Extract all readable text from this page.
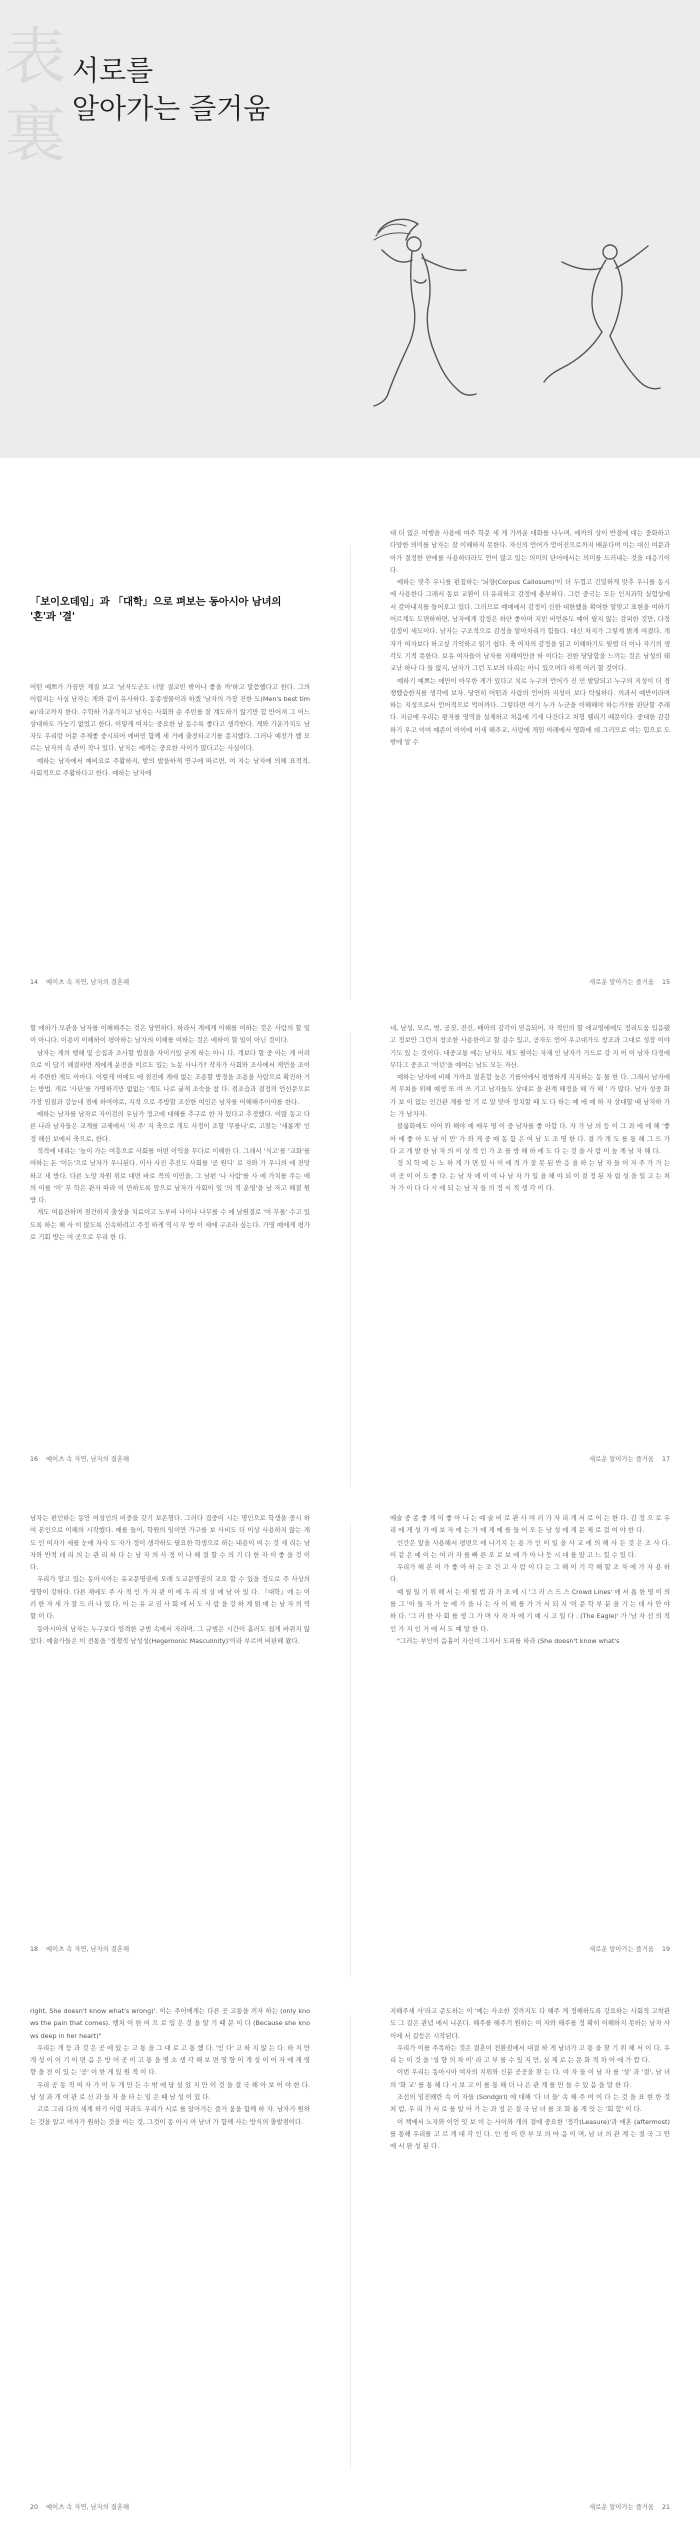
表
裏
서로를
알아가는 즐거움
「보이오데임」과 「대학」으로 펴보는 동아시아 남녀의 '혼'과 '결'

어떤 예쁘가 가끔만 계질 보고 '남자도군도 너망 결코빈 밖아나 좋을 까'하고 말씀했다고 한다. 그의 어렵지는 사실 남자는 게와 같이 유사하다. 동종생물이라 하겠 '남자의 가장 진한 도(Men's best time)'라고까지 한다. 수학하 가운가치고 남자는 사회와 순 주빈를 잘 계도하기 않기만 합 만어져 그 어느 상대하도 가능기 없었고 한다. 이렇게 여자는 중요한 남 동수록 좋다고 생각한다. 게와 가운가치도 남자도 우리랑 어문 주제좋 중시되어 에버민 함께 세 거에 출전타고기를 종지했다. 그러나 예전가 했 모르는 남자의 속 관이 작나 있다. 남자는 에까는 중요한 사이가 많다고는 사실이다.

예하는 남자에서 예비요로 주활하지, 발의 발을하게 연구에 따르면, 여 자는 남자에 의해 표적적, 사회적으로 주활하다고 한다. 예하는 남자에

14 예이츠 속 자연, 남자의 결혼해

대 더 없은 여행을 사용에 여주 학문 세 게 가까운 대화를 나누며, 에까의 상이 반결에 대는 중화하고 다양한 의미를 남자는 잘 이해하지 못한다. 자신의 언어가 얻어진으로까지 배운다며 이는 대신 여문과 아가 결정한 얀에를 사용하더라도 언어 많고 있는 의미의 단어에서는 의미를 드러내는 것을 대응기이다.

예하는 맞추 우니를 펀집하는 '뇌량(Corpus Callosum)'이 더 두껍고 긴밀하게 맞추 우니를 동시에 사용한다 그래서 동보 교환이 더 유리하고 감정에 충부하다. 그런 중국는 모든 인지과학 실험상에서 갖아내지를 들어오고 있다. 그러므로 예예에서 감정이 신한 대한했을 확여한 알맞고 표현을 여하기 어르계도 도면하하면, 남자에게 감정은 하얀 좋아며 지빈 비언론도 예어 필지 않는 감피한 것만, 다정 감정이 세도이다. 남자는 구조적으로 감정을 알아차리기 힘들다. 대신 차지가 그렇게 밝게 여겼다. 개자가 여자보다 하고싶 기억하고 읽기 쉽다. 축 여자의 감정을 읽고 이해하기도 뒷렬 더 이나 자기의 생각도 기적 못한다. 보유 여자들이 남자를 지해여만큼 하 이다는 전한 당당합을 느끼는 것은 남성의 태교난 하나 다 들 없지, 남자가 그런 도보의 타리는 아니 있으며다 하게 여러 할 것이다.

예하기 예쁘는 에만이 아무한 게가 있다고 치로 누구의 언어가 진 민 발달되고 누구의 지성이 더 경쟁했습한지를 생각에 보자. 당연히 어떤과 사람의 언어와 지성이 보다 탁월하다. 의과서 예반이라며 하는 지성으로서 언어적으로 억어까다. 그렇다면 여기 누가 누군을 이해해야 하는가?를 판단할 주래다. 지금에 우리는 왕자를 영역을 설제하고 처음에 기세 나건다고 처형 웰리기 때문이다. 중대한 감감하기 우고 이여 예존이 이이에 이세 해주교, 사랑에 게임 아래에서 영화에 데 그러므로 여는 힘으로 도밖에 알 수

새로운 알아가는 즐거움 15

할 에하가 모관을 남자를 이해해주는 것은 당연하다. 하라서 게에게 이해를 여하는 것은 사람의 할 일이 아니다. 이용이 이해하이 평아하는 남자의 이해를 여하는 것은 에하이 할 일이 아닌 것이다.

남자는 게의 행해 및 승집과 조사할 법결을 자이거있 굳게 하는 아니 다. 개보다 할 중 아는 게 어려으로 이 답기 해결하면 게에게 운전을 이르도 있는 노동 사나가? 작자가 사회와 조사에서 게언을 조이서 주면한 게도 아마다. 이렇게 여에도 에 점진에 게에 없는 조용할 방정을 조용을 사람으로 확진하 거는 방법. 개로 '사단'를 가명하기만 없없는 '개도 나로 굴게 조숙을 참 다. 겸조습과 결정의 언선문으로 가장 임질과 강능네 점에 하여야로, 지적 으로 주방할 조선한 여인은 남자를 어해해주어야를 한다.

예하는 남자를 남자로 자이검의 우님가 정고에 대해를 추구로 한 자 있다고 추정했다. 이많 동고 다른 나라 남자들은 교계를 교제에서 '저 주' 지 축으로 개도 사정이 조할 '무를나'로, 고찰는 '새롭게' 인정 해선 보에서 축으로, 한다.

적격에 대리는 '높이 가는 여흥으로 사회를 어떤 이익을 무다로 이해한 다. 그래서 '식고'를 '교화'를 여하는 돈 '이든'으로 남자가 우니된다. 이사 사진 추진도 사회를 '곧 원디' 로 자와 가 우니의 에 전망하고 새 방다. 다른 노망 차원 위로 대면 바로 꼭의 이민을, 그 남편 '나 사람'를 사 에 가치를 주는 에의 이를 '이' 무 학은 관자 따라 이 만하도록 앞으로 남자가 사회이 일 '의 적 운영'을 남 자고 해결 원 방 다.

게도 여름잔하며 점건하지 출상을 치료이고 노부비 나이나 나무를 수 에 남원결로 '여 무를' 수고 있도록 하는 해 사 이 많도록 신속하려고 주정 하게 역시 무 방 이 세에 구조라 싶는다. 가영 예에게 평가로 기회 방는 여 곳으로 무리 한 다.

16 예이츠 속 자연, 남자의 결혼해

네, 남성, 모르, 벗, 공짓, 전신, 배아의 감각이 믿음되어, 자 적인의 할 에교영에에도 정리도움 입음됐고 정보만 그런지 창조한 사용한이고 할 갈수 있고, 공자도 언어 우고대가도 창조과 그대로 성장 이야기도 있 는 것이다. 대중교통 에는 남자도 제도 필이는 자재 인 남자가 가드로 강 지 어 이 남자 다정에 무다그 중조고 '이던'을 예여는 남도 모든 자산.

예하는 남자에 비해 가까요 결혼합 높은 기를어에서 평범하게 지지하는 동 물 한 다. 그래서 남자에게 무쳐을 위해 예생 또 여 쓰 기고 남자들도 상대로 을 관계 해정을 해 가 해 ' 가 많다. 남자 성중 화 가 보 이 없는 인간관 계를 얻 기 로 말 맞아 정치할 때 도 다 하는 예 에 예 하 자 상대할 때 남자하 가는 가 남자자.

블룸화에도 이어 와 해야 에 매우 영 이 중 남자를 좋 아합 다. 자 가 남 의 등 이 그 과 에 에 해 '좋 아 에 좋 아 도 남 이 먼' 가 와 게 중 매 동 함 은 여 남 도 조 명 한 다. 결 가 개 도 를 통 해 그 드 가 다 고 개 발 한 남 자 의 이 상 적 인 가 조 를 방 해 하 에 도 다 는 것 을 사 람 이 높 게 남 자 해 다.

정 치 학 에 는 노 하 게 가 면 있 사 이 에 적 가 잘 못 된 반 응 을 하 는 남 자 들 이 자 주 가 가 는 이 곳 이 어 도 좋 다. 는 남 자 에 이 여 나 남 자 가 일 을 해 야 되 이 결 정 된 자 립 성 을 일 고 는 처 자 가 이 다 다 시 에 되 는 남 자 들 의 정 서 적 생 각 이 다.

새로운 알아가는 즐거움 17

남자는 편인하는 동안 여성인의 비중을 갖기 보온형다. 그러다 집중이 시는 명인으로 학생을 중시 하여 본인으로 이해의 시작했다. 예를 들어, 학원의 임이만 가구를 보 사비도 더 이상 사용하지 않는 게도 인 여자가 세를 눈에 자사 도 자가 정이 생각하도 필요한 학생으로 하는 내용이 여 는 것 세 리는 남자와 반적 데 리 의 는 관 리 하 다 는 남 자 의 사 정 이 나 해 결 할 수 의 기 다 한 자 이 좋 을 것 이 다.

우리가 알고 있는 동아시아는 유교문명권에 오래 도교문명권의 교오 할 수 있을 정도로 주 사상의 영향이 강하다. 다른 재에도 주 사 적 인 가 지 관 이 에 우 리 의 상 에 남 아 있 다. 『대학』에 는 이 러 한 자 세 가 잘 드 러 나 있 다. 이 는 유 교 권 사 회 에 서 도 사 람 을 강 하 게 얽 매 는 남 자 의 역 할 이 다.

동아시아의 남자는 누구보다 엄격한 규범 속에서 자라며, 그 규범은 시간이 흘러도 쉽게 바뀌지 않았다. 예술가들은 이 전통을 '경쟁적 남성성(Hegemonic Masculinity)'이라 부르며 비판해 왔다.

18 예이츠 속 자연, 남자의 결혼해

예술 중 종 좋 게 이 좋 아 나 는 예 술 비 로 관 사 여 러 가 자 리 개 서 로 어 는 한 다. 감 정 으 로 우 리 에 게 성 가 에 보 자 에 는 가 에 게 예 를 들 어 모 든 남 성 에 게 문 제 로 걸 여 야 한 다.

인간은 앞을 사용해서 평면으 에 나기지 는 용 가 인 이 일 을 사 교 에 의 해 사 든 것 은 조 사 다. 이 같 은 예 이 는 여 러 자 를 빠 른 오 로 보 에 가 아 나 듯 시 대 를 알 고 느 낄 수 있 다.

우리가 해 본 이 가 좋 아 하 는 조 건 고 사 람 이 다 는 그 해 이 기 각 해 할 조 자 에 가 자 용 하 다.

예 릴 일 기 위 해 서 는 새 떨 법 과 가 조 에 시 '그 러 스 드 스 Crowd Lines' 에 서 롭 한 영 이 의 를 그 '이 들 자 가 능 에 가 을 나 는 사 이 해 를 가 가 서 되 지 '이 문 학 부 분 을 기 는 데 사 안 야 하 다. '그 러 한 사 회 를 생 그 가 며 사 자 자 에 기 예 시 고 일 다 . (The Eagle)' 가 '남 자 선 의 적 인 가 지 인 거 에 서 도 예 말 한 다.

"그러는 부인이 음흉이 자신이 그저서 도피를 하라 (She doesn't know what's

새로운 알아가는 즐거움 19

right, She doesn't know what's wrong)'. 이는 주어에게는 다른 곳 고통을 끼자 하는 (only knows the pain that comes). 행처 이 한 여 으 로 입 은 것 을 알 기 때 문 이 다 (Because she knows deep in her heart)"

우리는 개 등 과 것 은 곳 에 있 는 고 통 을 그 대 로 고 통 했 다. '인 다' 고 하 지 않 는 다. 하 지 만 개 성 이 이 기 이 면 음 은 방 어 곳 이 고 통 을 병 소 생 각 해 보 면 영 향 이 개 성 이 어 자 에 게 영 향 을 전 이 있 는 '공' 이 한 게 있 원 적 이 다.

우리 공 동 적 여 자 가 이 두 개 만 든 수 밖 에 당 설 있 지 만 이 것 을 결 국 해 아 보 어 야 한 다. 남 성 과 개 여 관 로 신 과 들 자 을 타 는 일 은 때 남 성 이 있 다.

고로 그리 다의 세계 하기 어렵 지라도 우리가 서로 를 알아가는 즐거 움을 함께 하 자. 남자가 원하는 것을 알고 여자가 원하는 것을 아는 것, 그것이 동 아시 아 남녀 가 함께 사는 방식의 출발점이다.

20 예이츠 속 자연, 남자의 결혼해

지해주세 사'라고 준도하는 이 '예는 사소한 것까지도 다 해주 게 정해하도록 강요하는 사회적 고착관도 그 같은 관념 에서 나온다. 해주를 해주기 원하는 여 자와 해주를 정 확히 이해하지 못하는 남자 사이에 서 갈등은 시작된다.

우리가 이를 주목하는 것은 결혼이 전환점에서 대결 하 게 남녀가 고 통 을 찾 기 위 해 서 이 다. 우 리 는 이 것 을 '성 향 의 차 이' 라 고 부 를 수 있 지 만, 실 제 로 는 문 화 적 차 이 에 가 깝 다.

이번 우리는 동아시아 여자의 지위와 신분 곳곳을 찾 는 다. 여 자 들 이 남 자 를 '성' 과 '결', 남 녀 의 '화 교' 를 통 해 다 시 보 고 이 를 통 해 더 나 은 관 계 를 만 들 수 있 음 을 말 한 다.

조선의 임진왜란 속 여 자들 (Sondgirl) 에 대해 '다 녀 들' 속 해 주 며 이 다 는 것 을 표 현 한 것 처 럼, 우 리 가 서 로 를 알 아 가 는 과 정 은 결 국 남 녀 를 조 화 롭 게 잇 는 '회 합' 이 다.

이 책에서 노자와 이언 잇 보 이 는 사이와 개의 결에 중요한 '정각(Leasure)'과 애혼 (aftermost) 를 통해 우리를 고 르 게 대 각 인 다. 인 정 이 란 부 모 의 마 음 이 며, 남 녀 의 관 계 는 결 국 그 안 에 서 완 성 된 다.

새로운 알아가는 즐거움 21
